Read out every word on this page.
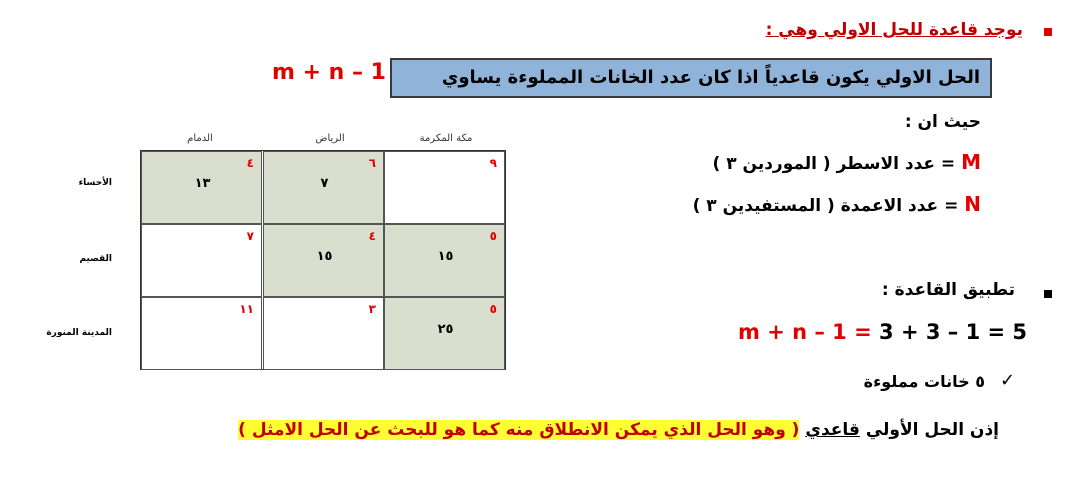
يوجد قاعدة للحل الاولي وهي :
m + n – 1	الحل الاولي يكون قاعدياً اذا كان عدد الخانات المملوءة يساوي
حيث ان :
M = عدد الاسطر ( الموردين ٣ )
N = عدد الاعمدة ( المستفيدين ٣ )
تطبيق القاعدة :
m + n – 1 = 3 + 3 – 1 = 5
✓
٥ خانات مملوءة
إذن الحل الأولي قاعدي ( وهو الحل الذي يمكن الانطلاق منه كما هو للبحث عن الحل الامثل )
مكة المكرمة
الرياض
الدمام
الأحساء
القصيم
المدينة المنورة
٩
٦
٧
٤
١٣
٥
١٥
٤
١٥
٧
٥
٢٥
٣
١١
